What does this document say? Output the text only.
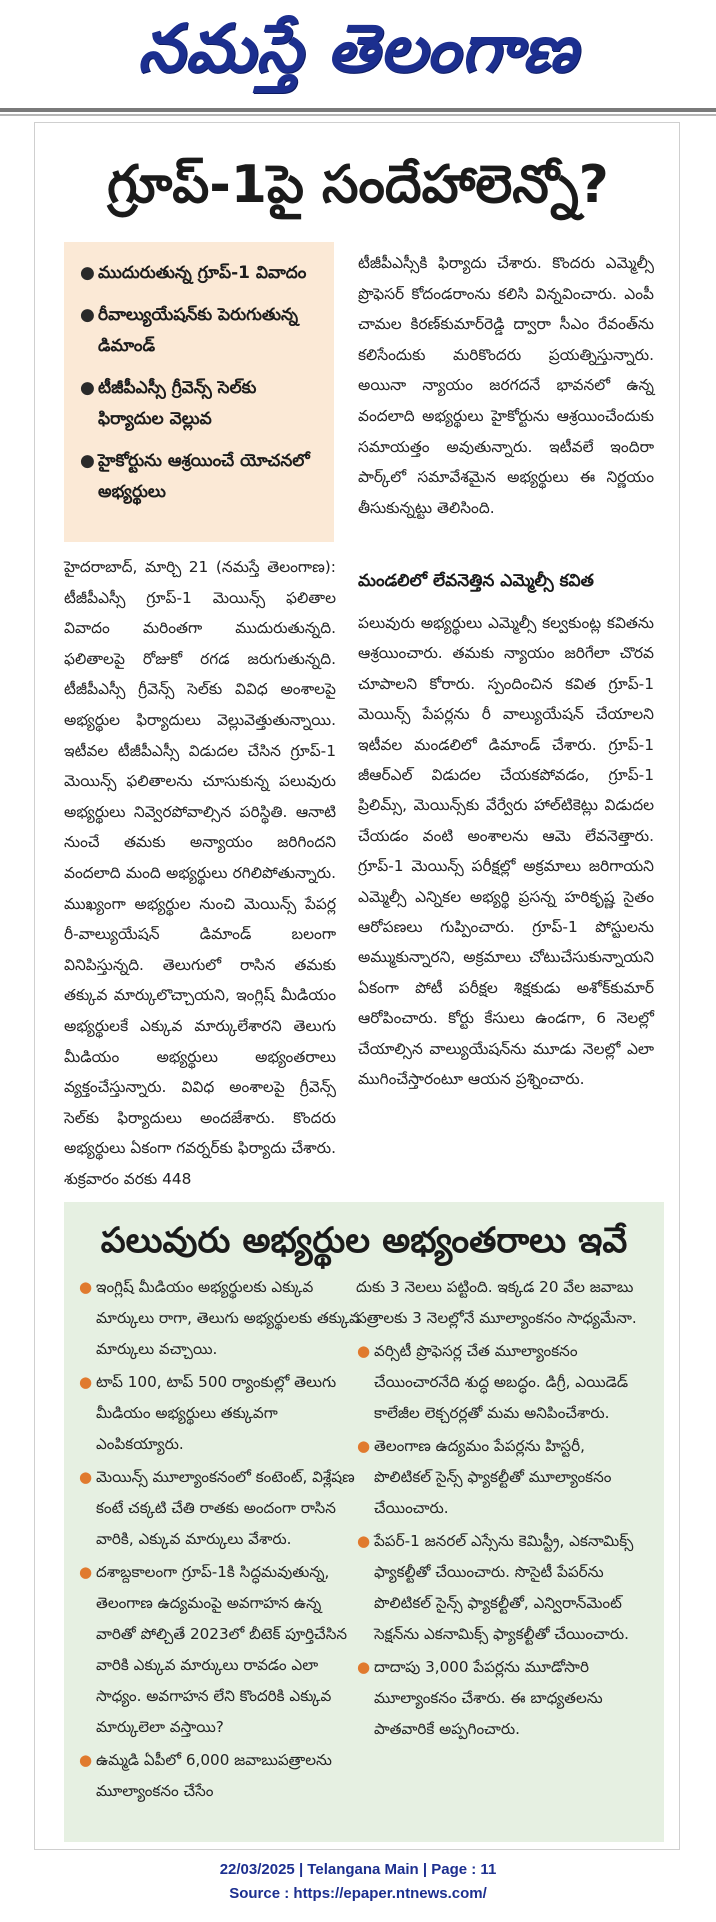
నమస్తే తెలంగాణ
గ్రూప్‌-1పై సందేహాలెన్నో?
● ముదురుతున్న గ్రూప్‌-1 వివాదం
● రీవాల్యుయేషన్‌కు పెరుగుతున్న డిమాండ్‌
● టీజీపీఎస్సీ గ్రీవెన్స్‌ సెల్‌కు ఫిర్యాదుల వెల్లువ
● హైకోర్టును ఆశ్రయించే యోచనలో అభ్యర్థులు

హైదరాబాద్‌, మార్చి 21 (నమస్తే తెలంగాణ): టీజీపీఎస్సీ గ్రూప్‌-1 మెయిన్స్‌ ఫలితాల వివాదం మరింతగా ముదురుతున్నది. ఫలితాలపై రోజుకో రగడ జరుగుతున్నది. టీజీపీఎస్సీ గ్రీవెన్స్‌ సెల్‌కు వివిధ అంశాలపై అభ్యర్థుల ఫిర్యాదులు వెల్లువెత్తుతున్నాయి. ఇటీవల టీజీపీఎస్సీ విడుదల చేసిన గ్రూప్‌-1 మెయిన్స్‌ ఫలితాలను చూసుకున్న పలువురు అభ్యర్థులు నివ్వెరపోవాల్సిన పరిస్థితి. ఆనాటి నుంచే తమకు అన్యాయం జరిగిందని వందలాది మంది అభ్యర్థులు రగిలిపోతున్నారు. ముఖ్యంగా అభ్యర్థుల నుంచి మెయిన్స్‌ పేపర్ల రీ-వాల్యుయేషన్‌ డిమాండ్‌ బలంగా వినిపిస్తున్నది. తెలుగులో రాసిన తమకు తక్కువ మార్కులొచ్చాయని, ఇంగ్లిష్‌ మీడియం అభ్యర్థులకే ఎక్కువ మార్కులేశారని తెలుగు మీడియం అభ్యర్థులు అభ్యంతరాలు వ్యక్తంచేస్తున్నారు. వివిధ అంశాలపై గ్రీవెన్స్‌ సెల్‌కు ఫిర్యాదులు అందజేశారు. కొందరు అభ్యర్థులు ఏకంగా గవర్నర్‌కు ఫిర్యాదు చేశారు. శుక్రవారం వరకు 448

టీజీపీఎస్సీకి ఫిర్యాదు చేశారు. కొందరు ఎమ్మెల్సీ ప్రొఫెసర్‌ కోదండరాంను కలిసి విన్నవించారు. ఎంపీ చామల కిరణ్‌కుమార్‌రెడ్డి ద్వారా సీఎం రేవంత్‌ను కలిసేందుకు మరికొందరు ప్రయత్నిస్తున్నారు. అయినా న్యాయం జరగదనే భావనలో ఉన్న వందలాది అభ్యర్థులు హైకోర్టును ఆశ్రయించేందుకు సమాయత్తం అవుతున్నారు. ఇటీవలే ఇందిరా పార్క్‌లో సమావేశమైన అభ్యర్థులు ఈ నిర్ణయం తీసుకున్నట్టు తెలిసింది.

మండలిలో లేవనెత్తిన ఎమ్మెల్సీ కవిత

పలువురు అభ్యర్థులు ఎమ్మెల్సీ కల్వకుంట్ల కవితను ఆశ్రయించారు. తమకు న్యాయం జరిగేలా చొరవ చూపాలని కోరారు. స్పందించిన కవిత గ్రూప్‌-1 మెయిన్స్‌ పేపర్లను రీ వాల్యుయేషన్‌ చేయాలని ఇటీవల మండలిలో డిమాండ్‌ చేశారు. గ్రూప్‌-1 జీఆర్‌ఎల్‌ విడుదల చేయకపోవడం, గ్రూప్‌-1 ప్రిలిమ్స్‌, మెయిన్స్‌కు వేర్వేరు హాల్‌టికెట్లు విడుదల చేయడం వంటి అంశాలను ఆమె లేవనెత్తారు. గ్రూప్‌-1 మెయిన్స్‌ పరీక్షల్లో అక్రమాలు జరిగాయని ఎమ్మెల్సీ ఎన్నికల అభ్యర్థి ప్రసన్న హరికృష్ణ సైతం ఆరోపణలు గుప్పించారు. గ్రూప్‌-1 పోస్టులను అమ్ముకున్నారని, అక్రమాలు చోటుచేసుకున్నాయని ఏకంగా పోటీ పరీక్షల శిక్షకుడు అశోక్‌కుమార్‌ ఆరోపించారు. కోర్టు కేసులు ఉండగా, 6 నెలల్లో చేయాల్సిన వాల్యుయేషన్‌ను మూడు నెలల్లో ఎలా ముగించేస్తారంటూ ఆయన ప్రశ్నించారు.

పలువురు అభ్యర్థుల అభ్యంతరాలు ఇవే
● ఇంగ్లిష్‌ మీడియం అభ్యర్థులకు ఎక్కువ మార్కులు రాగా, తెలుగు అభ్యర్థులకు తక్కువ మార్కులు వచ్చాయి.
● టాప్‌ 100, టాప్‌ 500 ర్యాంకుల్లో తెలుగు మీడియం అభ్యర్థులు తక్కువగా ఎంపికయ్యారు.
● మెయిన్స్‌ మూల్యాంకనంలో కంటెంట్‌, విశ్లేషణ కంటే చక్కటి చేతి రాతకు అందంగా రాసిన వారికి, ఎక్కువ మార్కులు వేశారు.
● దశాబ్దకాలంగా గ్రూప్‌-1కి సిద్ధమవుతున్న, తెలంగాణ ఉద్యమంపై అవగాహన ఉన్న వారితో పోల్చితే 2023లో బీటెక్‌ పూర్తిచేసిన వారికి ఎక్కువ మార్కులు రావడం ఎలా సాధ్యం. అవగాహన లేని కొందరికి ఎక్కువ మార్కులెలా వస్తాయి?
● ఉమ్మడి ఏపీలో 6,000 జవాబుపత్రాలను మూల్యాంకనం చేసేం
దుకు 3 నెలలు పట్టింది. ఇక్కడ 20 వేల జవాబు పత్రాలకు 3 నెలల్లోనే మూల్యాంకనం సాధ్యమేనా.
● వర్సిటీ ప్రొఫెసర్ల చేత మూల్యాంకనం చేయించారనేది శుద్ధ అబద్ధం. డిగ్రీ, ఎయిడెడ్‌ కాలేజీల లెక్చరర్లతో మమ అనిపించేశారు.
● తెలంగాణ ఉద్యమం పేపర్లను హిస్టరీ, పొలిటికల్‌ సైన్స్‌ ఫ్యాకల్టీతో మూల్యాంకనం చేయించారు.
● పేపర్‌-1 జనరల్‌ ఎస్సేను కెమిస్ట్రీ, ఎకనామిక్స్‌ ఫ్యాకల్టీతో చేయించారు. సొసైటీ పేపర్‌ను పొలిటికల్‌ సైన్స్‌ ఫ్యాకల్టీతో, ఎన్విరాన్‌మెంట్‌ సెక్షన్‌ను ఎకనామిక్స్‌ ఫ్యాకల్టీతో చేయించారు.
● దాదాపు 3,000 పేపర్లను మూడోసారి మూల్యాంకనం చేశారు. ఈ బాధ్యతలను పాతవారికే అప్పగించారు.
22/03/2025 | Telangana Main | Page : 11
Source : https://epaper.ntnews.com/
